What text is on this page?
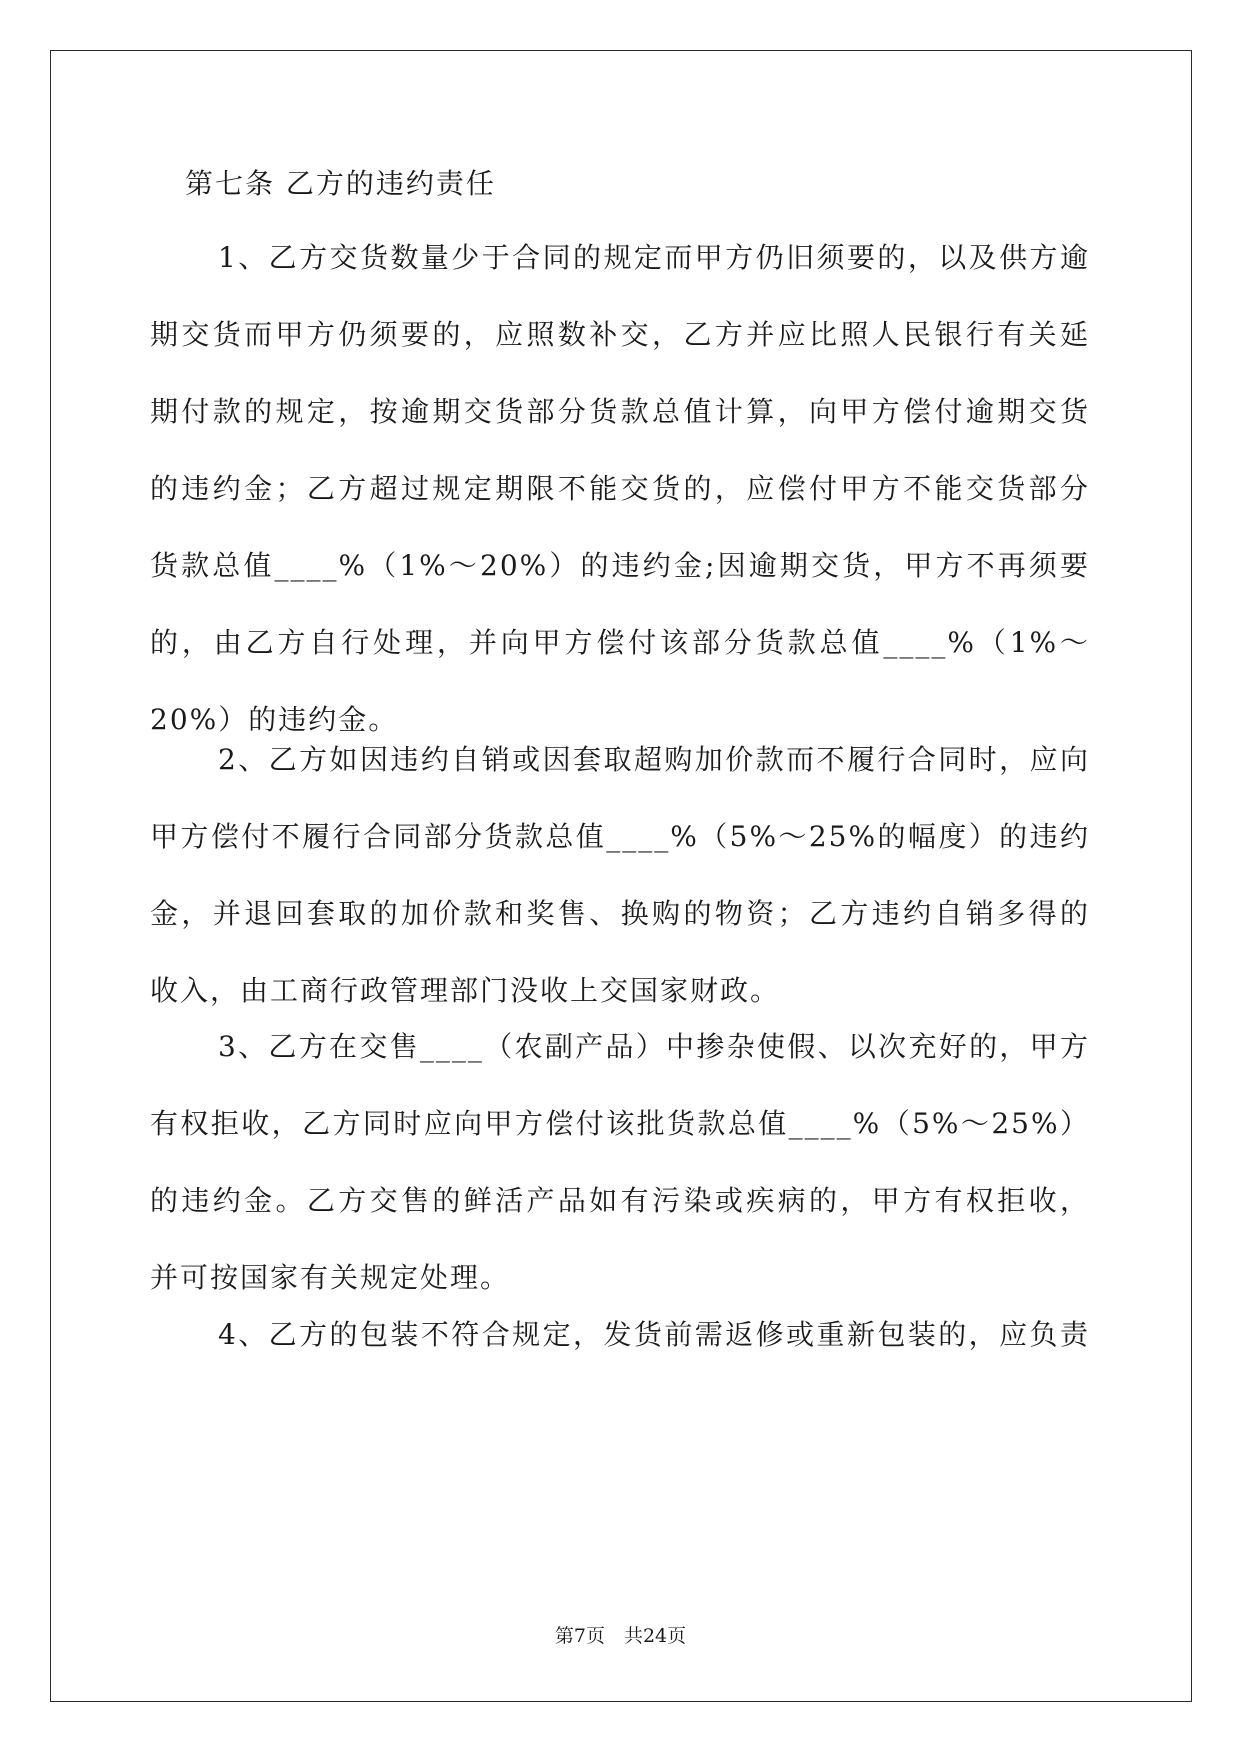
第七条 乙方的违约责任

1、乙方交货数量少于合同的规定而甲方仍旧须要的，以及供方逾

期交货而甲方仍须要的，应照数补交，乙方并应比照人民银行有关延

期付款的规定，按逾期交货部分货款总值计算，向甲方偿付逾期交货

的违约金；乙方超过规定期限不能交货的，应偿付甲方不能交货部分

货款总值____%（1%～20%）的违约金;因逾期交货，甲方不再须要

的，由乙方自行处理，并向甲方偿付该部分货款总值____%（1%～

20%）的违约金。

2、乙方如因违约自销或因套取超购加价款而不履行合同时，应向

甲方偿付不履行合同部分货款总值____%（5%～25%的幅度）的违约

金，并退回套取的加价款和奖售、换购的物资；乙方违约自销多得的

收入，由工商行政管理部门没收上交国家财政。

3、乙方在交售____（农副产品）中掺杂使假、以次充好的，甲方

有权拒收，乙方同时应向甲方偿付该批货款总值____%（5%～25%）

的违约金。乙方交售的鲜活产品如有污染或疾病的，甲方有权拒收，

并可按国家有关规定处理。

4、乙方的包装不符合规定，发货前需返修或重新包装的，应负责

第7页　共24页
